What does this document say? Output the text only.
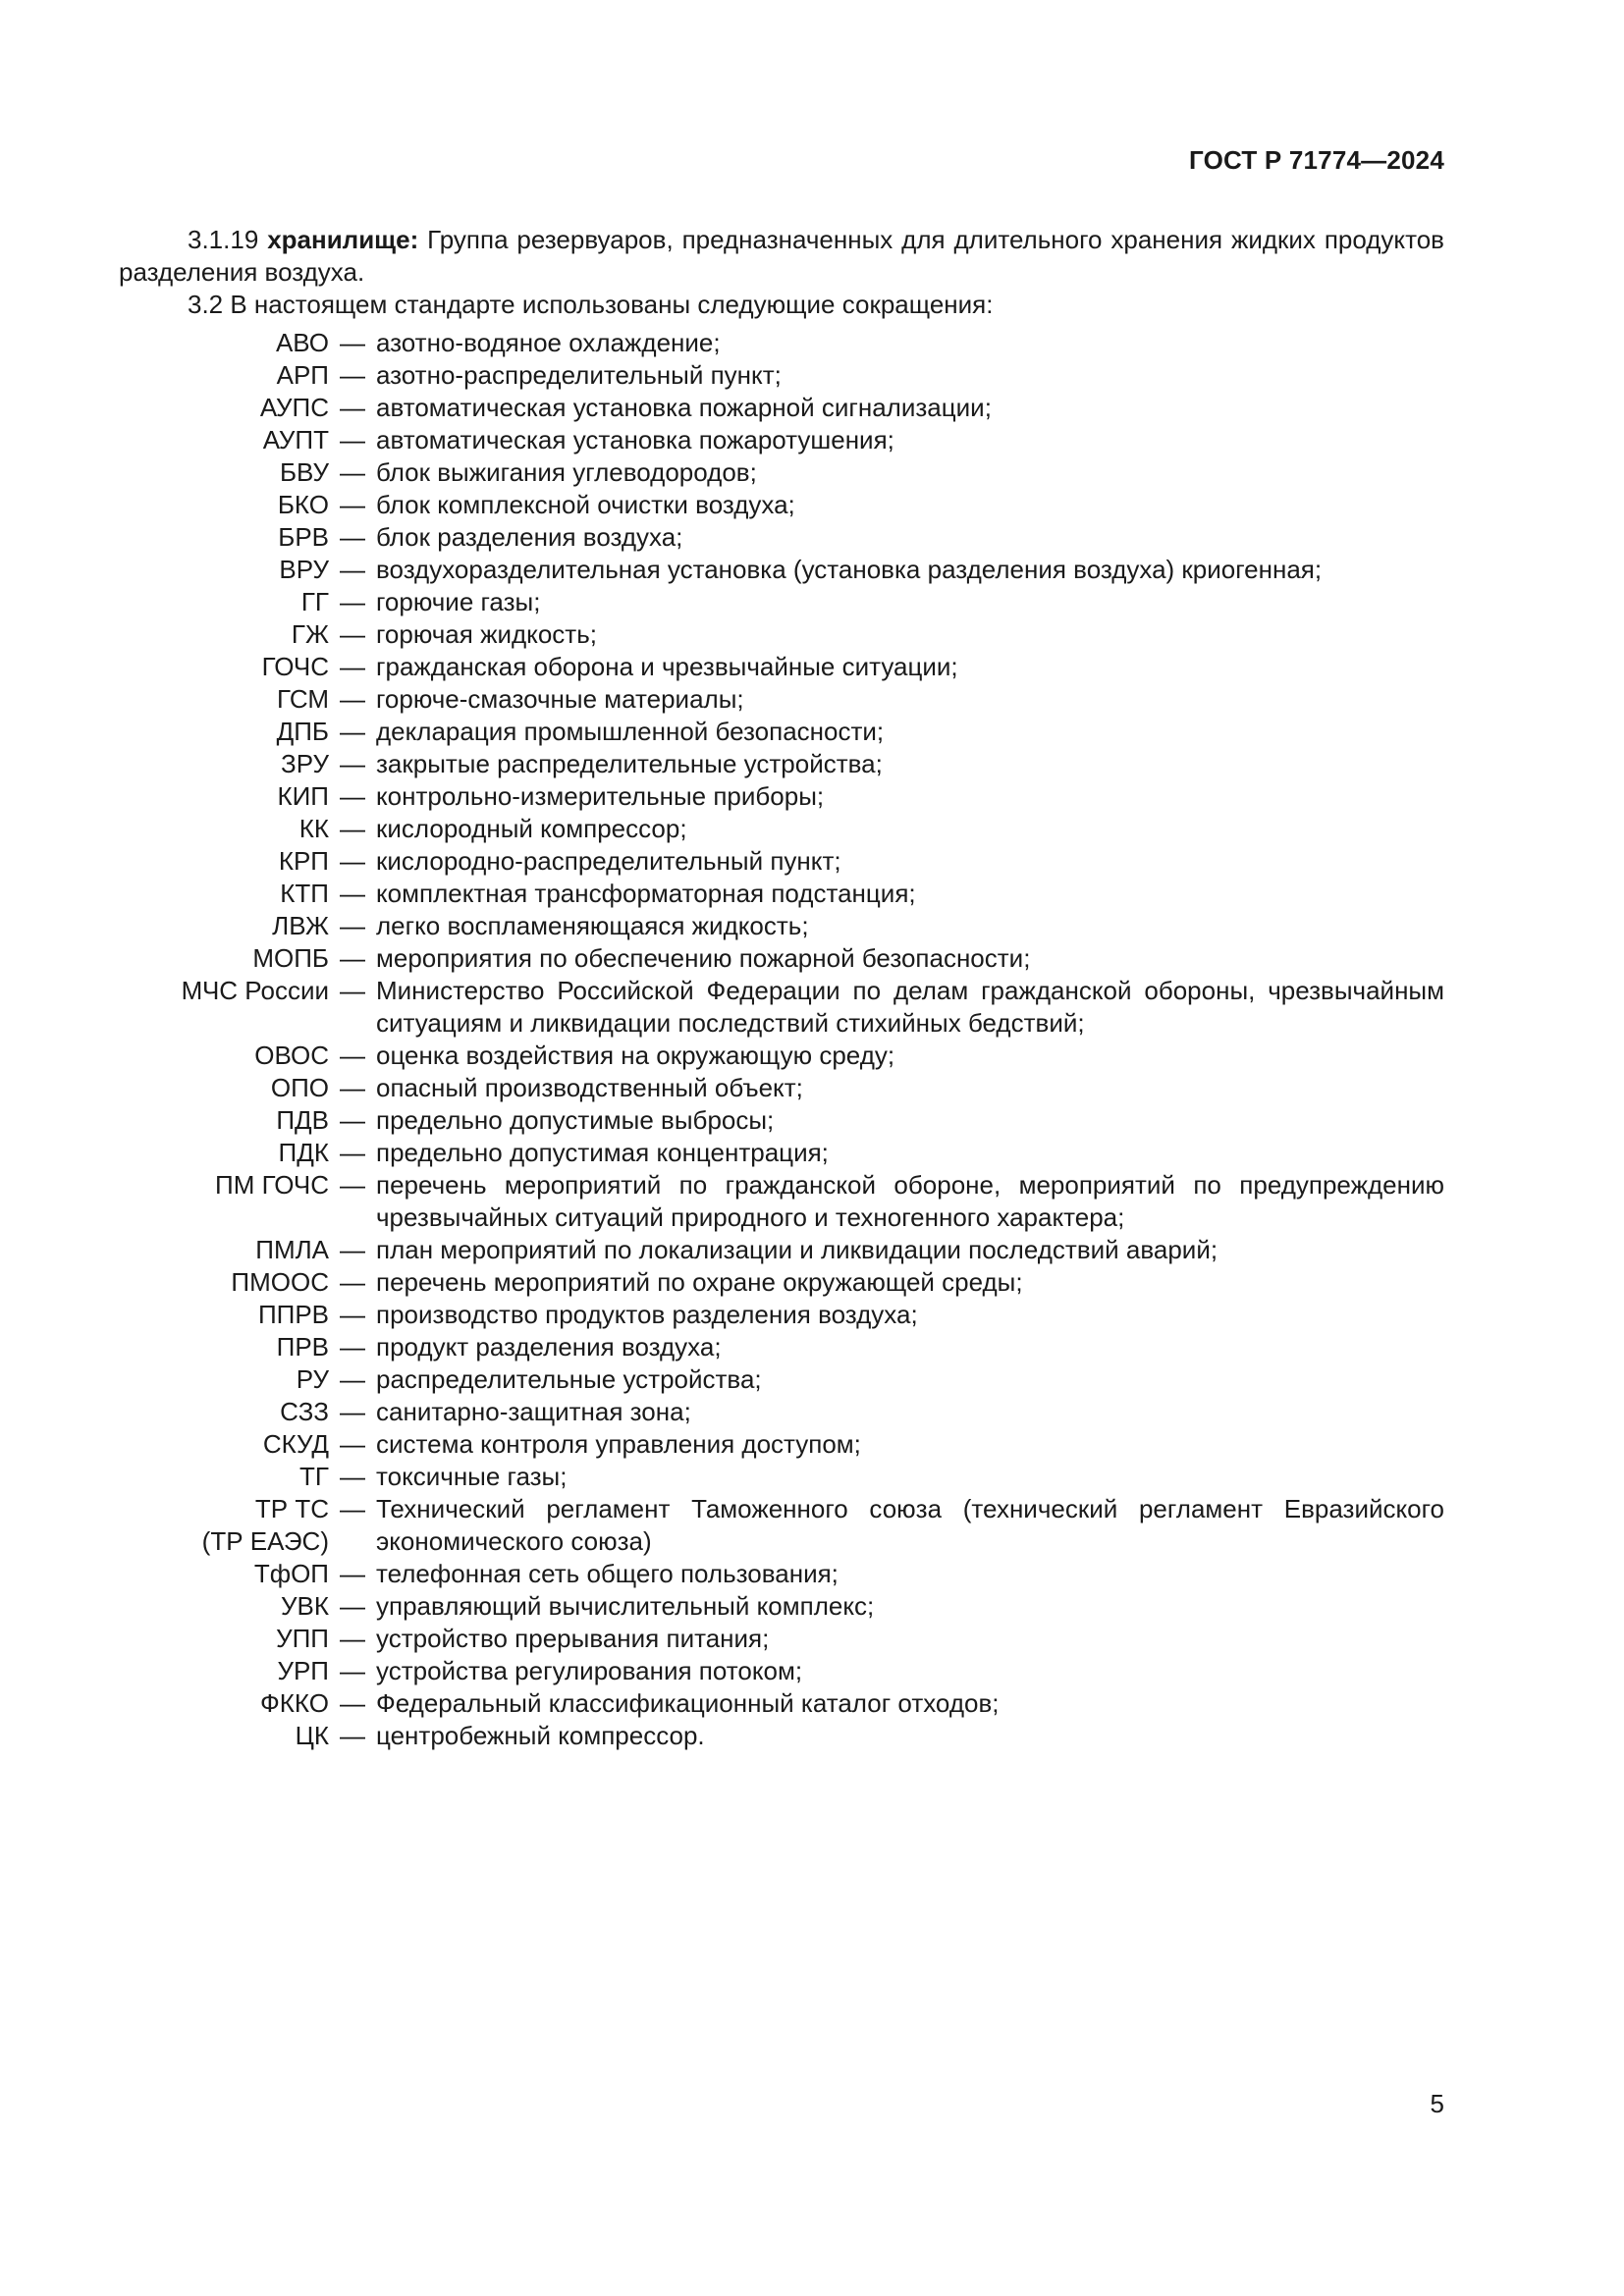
ГОСТ Р 71774—2024

3.1.19 хранилище: Группа резервуаров, предназначенных для длительного хранения жидких продуктов разделения воздуха.

3.2 В настоящем стандарте использованы следующие сокращения:

АВО — азотно-водяное охлаждение;
АРП — азотно-распределительный пункт;
АУПС — автоматическая установка пожарной сигнализации;
АУПТ — автоматическая установка пожаротушения;
БВУ — блок выжигания углеводородов;
БКО — блок комплексной очистки воздуха;
БРВ — блок разделения воздуха;
ВРУ — воздухоразделительная установка (установка разделения воздуха) криогенная;
ГГ — горючие газы;
ГЖ — горючая жидкость;
ГОЧС — гражданская оборона и чрезвычайные ситуации;
ГСМ — горюче-смазочные материалы;
ДПБ — декларация промышленной безопасности;
ЗРУ — закрытые распределительные устройства;
КИП — контрольно-измерительные приборы;
КК — кислородный компрессор;
КРП — кислородно-распределительный пункт;
КТП — комплектная трансформаторная подстанция;
ЛВЖ — легко воспламеняющаяся жидкость;
МОПБ — мероприятия по обеспечению пожарной безопасности;
МЧС России — Министерство Российской Федерации по делам гражданской обороны, чрезвычайным ситуациям и ликвидации последствий стихийных бедствий;
ОВОС — оценка воздействия на окружающую среду;
ОПО — опасный производственный объект;
ПДВ — предельно допустимые выбросы;
ПДК — предельно допустимая концентрация;
ПМ ГОЧС — перечень мероприятий по гражданской обороне, мероприятий по предупреждению чрезвычайных ситуаций природного и техногенного характера;
ПМЛА — план мероприятий по локализации и ликвидации последствий аварий;
ПМООС — перечень мероприятий по охране окружающей среды;
ППРВ — производство продуктов разделения воздуха;
ПРВ — продукт разделения воздуха;
РУ — распределительные устройства;
СЗЗ — санитарно-защитная зона;
СКУД — система контроля управления доступом;
ТГ — токсичные газы;
ТР ТС
(ТР ЕАЭС)
— Технический регламент Таможенного союза (технический регламент Евразийского экономического союза)
ТфОП — телефонная сеть общего пользования;
УВК — управляющий вычислительный комплекс;
УПП — устройство прерывания питания;
УРП — устройства регулирования потоком;
ФККО — Федеральный классификационный каталог отходов;
ЦК — центробежный компрессор.
5
